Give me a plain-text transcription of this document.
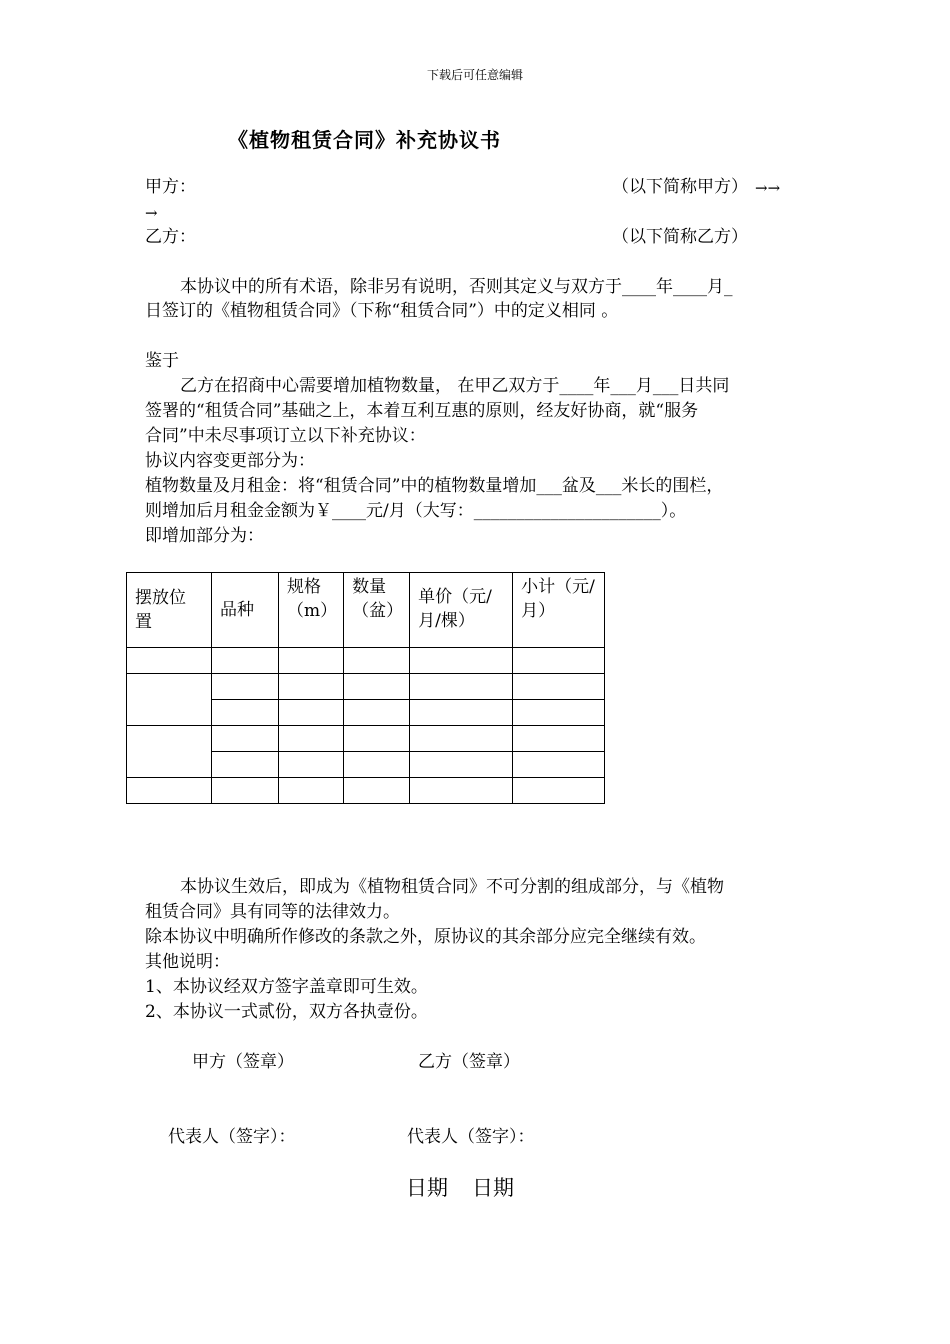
下载后可任意编辑
《植物租赁合同》补充协议书
甲方：	（以下简称甲方） →→
→
乙方：	（以下简称乙方）
本协议中的所有术语，除非另有说明，否则其定义与双方于____年____月_
日签订的《植物租赁合同》（下称“租赁合同”）中的定义相同 。
鉴于
乙方在招商中心需要增加植物数量， 在甲乙双方于____年___月___日共同
签署的“租赁合同”基础之上，本着互利互惠的原则，经友好协商，就“服务
合同”中未尽事项订立以下补充协议：
协议内容变更部分为：
植物数量及月租金：将“租赁合同”中的植物数量增加___盆及___米长的围栏，
则增加后月租金金额为￥____元/月（大写：______________________）。
即增加部分为：
摆放位置	品种	规格（m）	数量（盆）	单价（元/月/棵）	小计（元/月）

本协议生效后，即成为《植物租赁合同》不可分割的组成部分，与《植物
租赁合同》具有同等的法律效力。
除本协议中明确所作修改的条款之外，原协议的其余部分应完全继续有效。
其他说明：
1、本协议经双方签字盖章即可生效。
2、本协议一式贰份，双方各执壹份。
甲方（签章）	乙方（签章）
代表人（签字）：	代表人（签字）：
日期 日期
